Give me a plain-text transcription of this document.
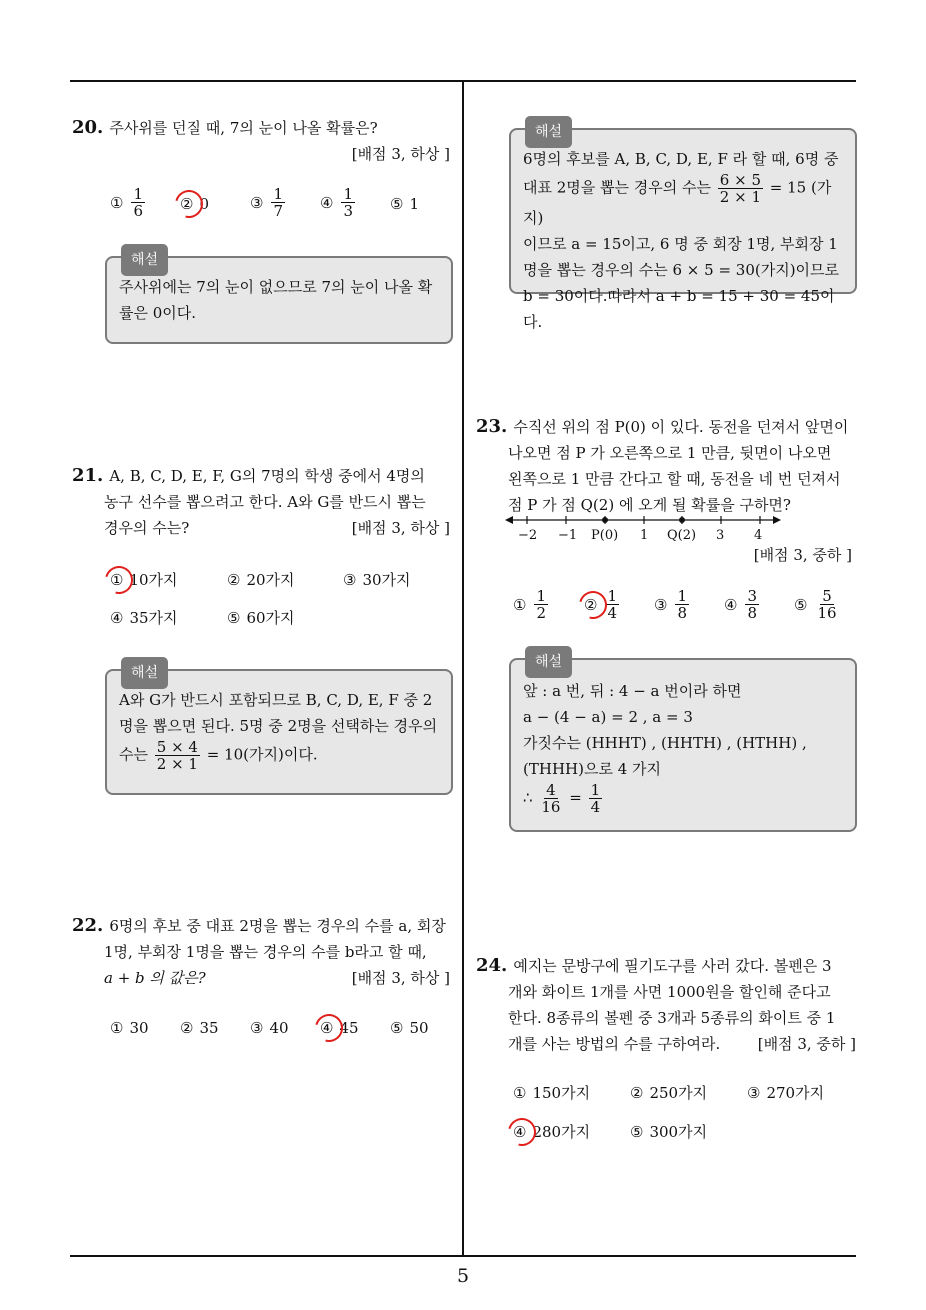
5
20. 주사위를 던질 때, 7의 눈이 나올 확률은?
[배점 3, 하상 ]
① $\frac{1}{6}$ ② 0	③ $\frac{1}{7}$ ④ $\frac{1}{3}$ ⑤ 1
해설

주사위에는 7의 눈이 없으므로 7의 눈이 나올 확

률은 0이다.

21. A, B, C, D, E, F, G의 7명의 학생 중에서 4명의
농구 선수를 뽑으려고 한다. A와 G를 반드시 뽑는
경우의 수는?	[배점 3, 하상 ]
① 10가지	② 20가지	③ 30가지
④ 35가지	⑤ 60가지
해설

A와 G가 반드시 포함되므로 B, C, D, E, F 중 2

명을 뽑으면 된다. 5명 중 2명을 선택하는 경우의

수는 $\frac{5 \times 4}{2 \times 1} = 10$(가지)이다.

22. 6명의 후보 중 대표 2명을 뽑는 경우의 수를 a, 회장
1명, 부회장 1명을 뽑는 경우의 수를 b라고 할 때,
a + b 의 값은?	[배점 3, 하상 ]
① 30 ② 35 ③ 40 ④ 45 ⑤ 50
해설

6명의 후보를 A, B, C, D, E, F 라 할 때, 6명 중

대표 2명을 뽑는 경우의 수는 $\frac{6 \times 5}{2 \times 1} = 15$ (가지)

이므로 a = 15이고, 6 명 중 회장 1명, 부회장 1

명을 뽑는 경우의 수는 6 × 5 = 30(가지)이므로

b = 30이다.따라서 a + b = 15 + 30 = 45이다.

23. 수직선 위의 점 P(0) 이 있다. 동전을 던져서 앞면이
나오면 점 P 가 오른쪽으로 1 만큼, 뒷면이 나오면
왼쪽으로 1 만큼 간다고 할 때, 동전을 네 번 던져서
점 P 가 점 Q(2) 에 오게 될 확률을 구하면?
−2 −1 P(0) 1 Q(2) 3 4
[배점 3, 중하 ]
① $\frac{1}{2}$ ② $\frac{1}{4}$ ③ $\frac{1}{8}$ ④ $\frac{3}{8}$ ⑤ $\frac{5}{16}$
해설

앞 : a 번, 뒤 : 4 − a 번이라 하면

a − (4 − a) = 2 , a = 3

가짓수는 (HHHT) , (HHTH) , (HTHH) ,

(THHH)으로 4 가지

∴ $\frac{4}{16} = \frac{1}{4}$

24. 예지는 문방구에 필기도구를 사러 갔다. 볼펜은 3
개와 화이트 1개를 사면 1000원을 할인해 준다고
한다. 8종류의 볼펜 중 3개과 5종류의 화이트 중 1
개를 사는 방법의 수를 구하여라.	[배점 3, 중하 ]
① 150가지	② 250가지	③ 270가지
④ 280가지	⑤ 300가지
